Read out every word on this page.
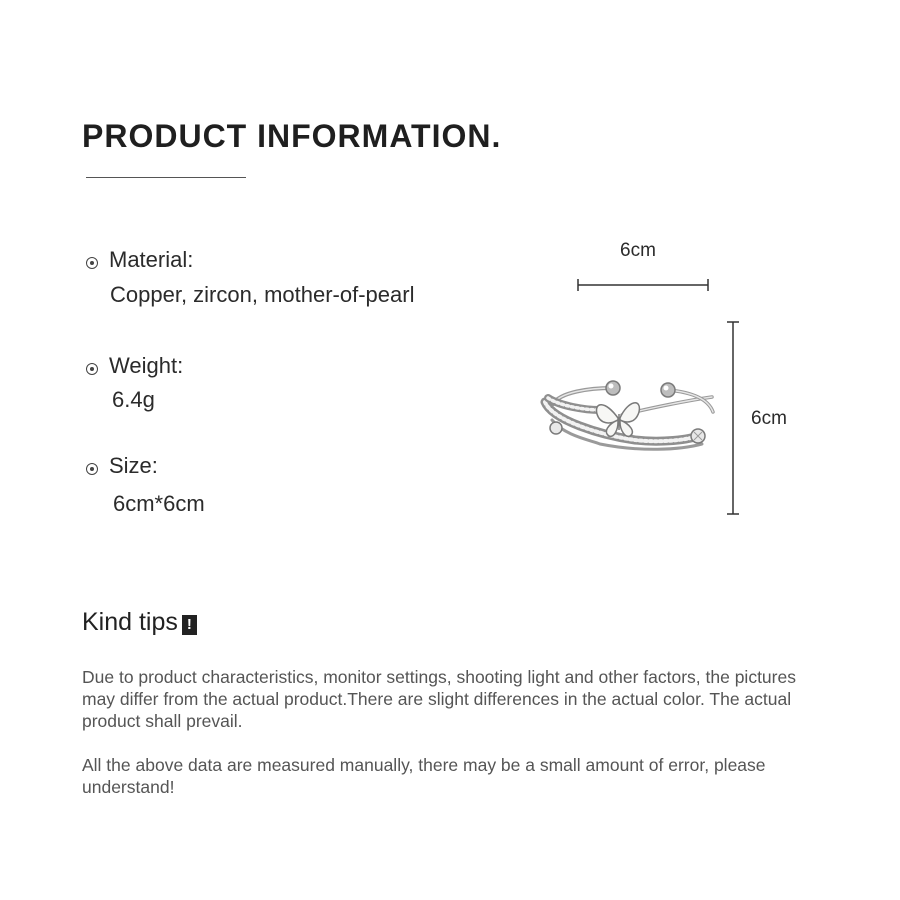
PRODUCT INFORMATION.
Material:
Copper, zircon, mother-of-pearl
Weight:
6.4g
Size:
6cm*6cm
6cm
6cm
Kind tips !

Due to product characteristics, monitor settings, shooting light and other factors, the pictures may differ from the actual product.There are slight differences in the actual color. The actual product shall prevail.

All the above data are measured manually, there may be a small amount of error, please understand!
